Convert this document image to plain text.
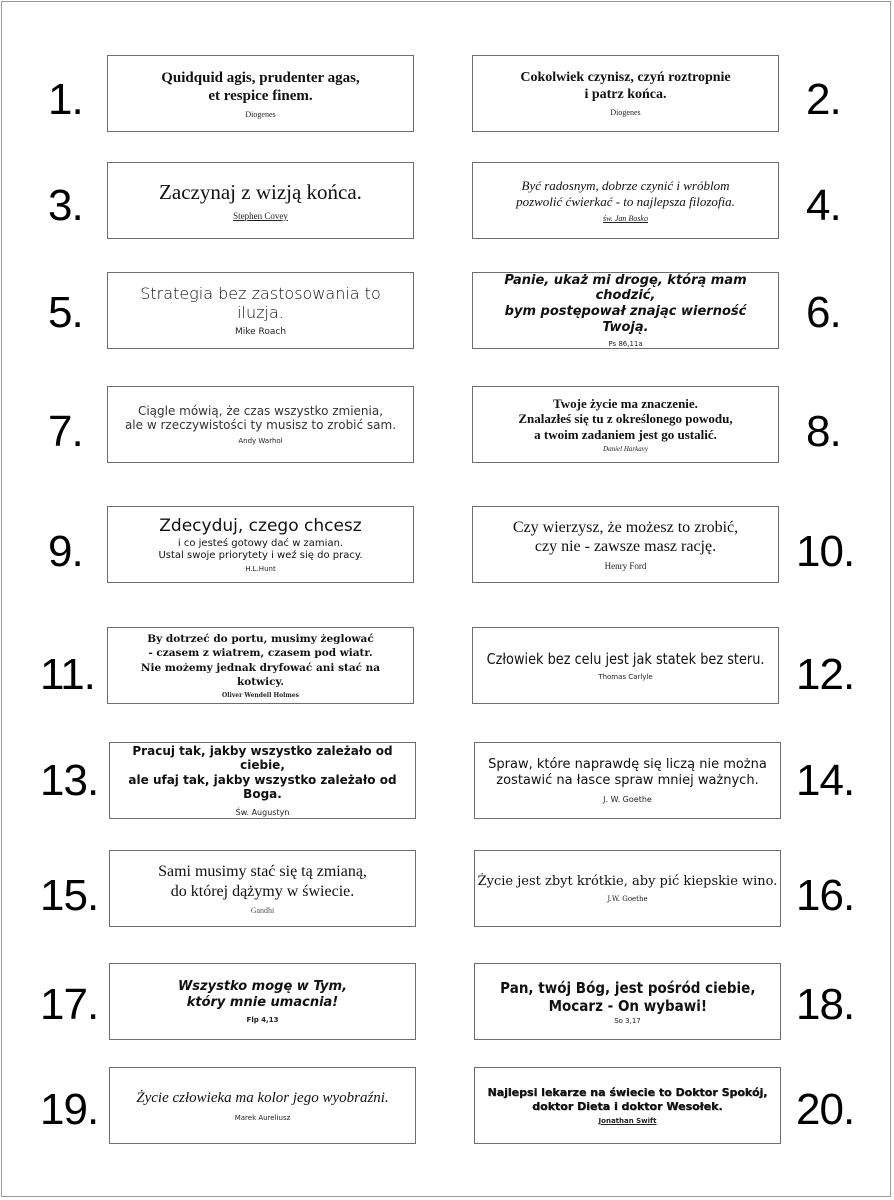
1.	Quidquid agis, prudenter agas,
et respice finem.
Diogenes
Cokolwiek czynisz, czyń roztropnie
i patrz końca.
Diogenes	2.
3.	Zaczynaj z wizją końca.
Stephen Covey
Być radosnym, dobrze czynić i wróblom
pozwolić ćwierkać - to najlepsza filozofia.
św. Jan Bosko	4.
5.	Strategia bez zastosowania to iluzja.
Mike Roach
Panie, ukaż mi drogę, którą mam chodzić,
bym postępował znając wierność Twoją.
Ps 86,11a
6.
7.	Ciągle mówią, że czas wszystko zmienia,
ale w rzeczywistości ty musisz to zrobić sam.
Andy Warhol
Twoje życie ma znaczenie.
Znalazłeś się tu z określonego powodu,
a twoim zadaniem jest go ustalić.
Daniel Harkavy	8.
9.
Zdecyduj, czego chcesz
i co jesteś gotowy dać w zamian.
Ustal swoje priorytety i weź się do pracy.
H.L.Hunt
Czy wierzysz, że możesz to zrobić,
czy nie - zawsze masz rację.
Henry Ford	10.
11.
By dotrzeć do portu, musimy żeglować
- czasem z wiatrem, czasem pod wiatr.
Nie możemy jednak dryfować ani stać na kotwicy.
Oliver Wendell Holmes
Człowiek bez celu jest jak statek bez steru.
Thomas Carlyle	12.
13.
Pracuj tak, jakby wszystko zależało od ciebie,
ale ufaj tak, jakby wszystko zależało od Boga.
Św. Augustyn
Spraw, które naprawdę się liczą nie można
zostawić na łasce spraw mniej ważnych.
J. W. Goethe	14.
15.	Sami musimy stać się tą zmianą,
do której dążymy w świecie.
Gandhi
Życie jest zbyt krótkie, aby pić kiepskie wino.
J.W. Goethe	16.
17.	Wszystko mogę w Tym,
który mnie umacnia!
Flp 4,13
Pan, twój Bóg, jest pośród ciebie,
Mocarz - On wybawi!
So 3,17	18.
19.	Życie człowieka ma kolor jego wyobraźni.
Marek Aureliusz
Najlepsi lekarze na świecie to Doktor Spokój,
doktor Dieta i doktor Wesołek.
Jonathan Swift	20.
